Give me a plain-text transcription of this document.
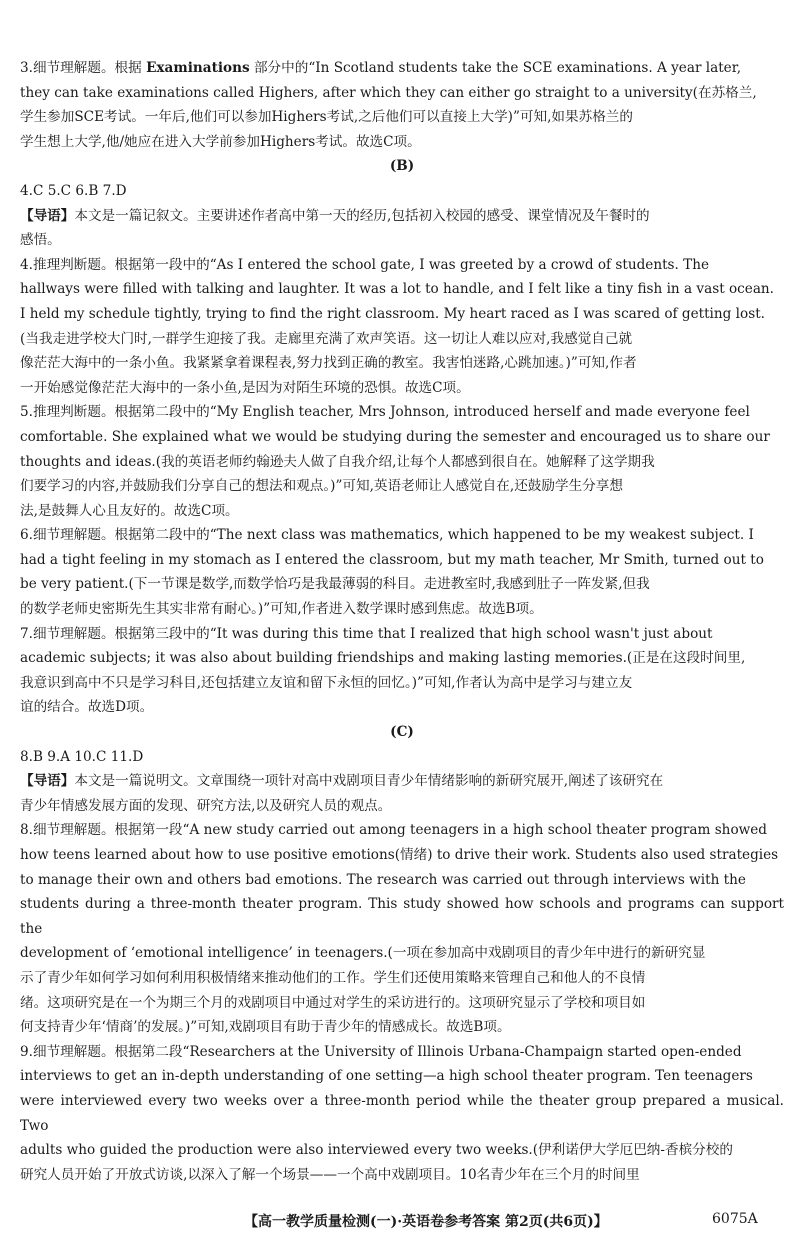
3.细节理解题。根据 Examinations 部分中的“In Scotland students take the SCE examinations. A year later,

they can take examinations called Highers, after which they can either go straight to a university(在苏格兰,

学生参加SCE考试。一年后,他们可以参加Highers考试,之后他们可以直接上大学)”可知,如果苏格兰的

学生想上大学,他/她应在进入大学前参加Highers考试。故选C项。

(B)

4.C 5.C 6.B 7.D

【导语】本文是一篇记叙文。主要讲述作者高中第一天的经历,包括初入校园的感受、课堂情况及午餐时的
感悟。

4.推理判断题。根据第一段中的“As I entered the school gate, I was greeted by a crowd of students. The

hallways were filled with talking and laughter. It was a lot to handle, and I felt like a tiny fish in a vast ocean.

I held my schedule tightly, trying to find the right classroom. My heart raced as I was scared of getting lost.

(当我走进学校大门时,一群学生迎接了我。走廊里充满了欢声笑语。这一切让人难以应对,我感觉自己就

像茫茫大海中的一条小鱼。我紧紧拿着课程表,努力找到正确的教室。我害怕迷路,心跳加速。)”可知,作者

一开始感觉像茫茫大海中的一条小鱼,是因为对陌生环境的恐惧。故选C项。

5.推理判断题。根据第二段中的“My English teacher, Mrs Johnson, introduced herself and made everyone feel

comfortable. She explained what we would be studying during the semester and encouraged us to share our

thoughts and ideas.(我的英语老师约翰逊夫人做了自我介绍,让每个人都感到很自在。她解释了这学期我

们要学习的内容,并鼓励我们分享自己的想法和观点。)”可知,英语老师让人感觉自在,还鼓励学生分享想

法,是鼓舞人心且友好的。故选C项。

6.细节理解题。根据第二段中的“The next class was mathematics, which happened to be my weakest subject. I

had a tight feeling in my stomach as I entered the classroom, but my math teacher, Mr Smith, turned out to

be very patient.(下一节课是数学,而数学恰巧是我最薄弱的科目。走进教室时,我感到肚子一阵发紧,但我

的数学老师史密斯先生其实非常有耐心。)”可知,作者进入数学课时感到焦虑。故选B项。

7.细节理解题。根据第三段中的“It was during this time that I realized that high school wasn't just about

academic subjects; it was also about building friendships and making lasting memories.(正是在这段时间里,

我意识到高中不只是学习科目,还包括建立友谊和留下永恒的回忆。)”可知,作者认为高中是学习与建立友

谊的结合。故选D项。

(C)

8.B 9.A 10.C 11.D

【导语】本文是一篇说明文。文章围绕一项针对高中戏剧项目青少年情绪影响的新研究展开,阐述了该研究在
青少年情感发展方面的发现、研究方法,以及研究人员的观点。

8.细节理解题。根据第一段“A new study carried out among teenagers in a high school theater program showed

how teens learned about how to use positive emotions(情绪) to drive their work. Students also used strategies

to manage their own and others bad emotions. The research was carried out through interviews with the

students during a three-month theater program. This study showed how schools and programs can support the

development of ‘emotional intelligence’ in teenagers.(一项在参加高中戏剧项目的青少年中进行的新研究显

示了青少年如何学习如何利用积极情绪来推动他们的工作。学生们还使用策略来管理自己和他人的不良情

绪。这项研究是在一个为期三个月的戏剧项目中通过对学生的采访进行的。这项研究显示了学校和项目如

何支持青少年‘情商’的发展。)”可知,戏剧项目有助于青少年的情感成长。故选B项。

9.细节理解题。根据第二段“Researchers at the University of Illinois Urbana-Champaign started open-ended

interviews to get an in-depth understanding of one setting—a high school theater program. Ten teenagers

were interviewed every two weeks over a three-month period while the theater group prepared a musical. Two

adults who guided the production were also interviewed every two weeks.(伊利诺伊大学厄巴纳-香槟分校的

研究人员开始了开放式访谈,以深入了解一个场景——一个高中戏剧项目。10名青少年在三个月的时间里

【高一教学质量检测(一)·英语卷参考答案 第2页(共6页)】	6075A
